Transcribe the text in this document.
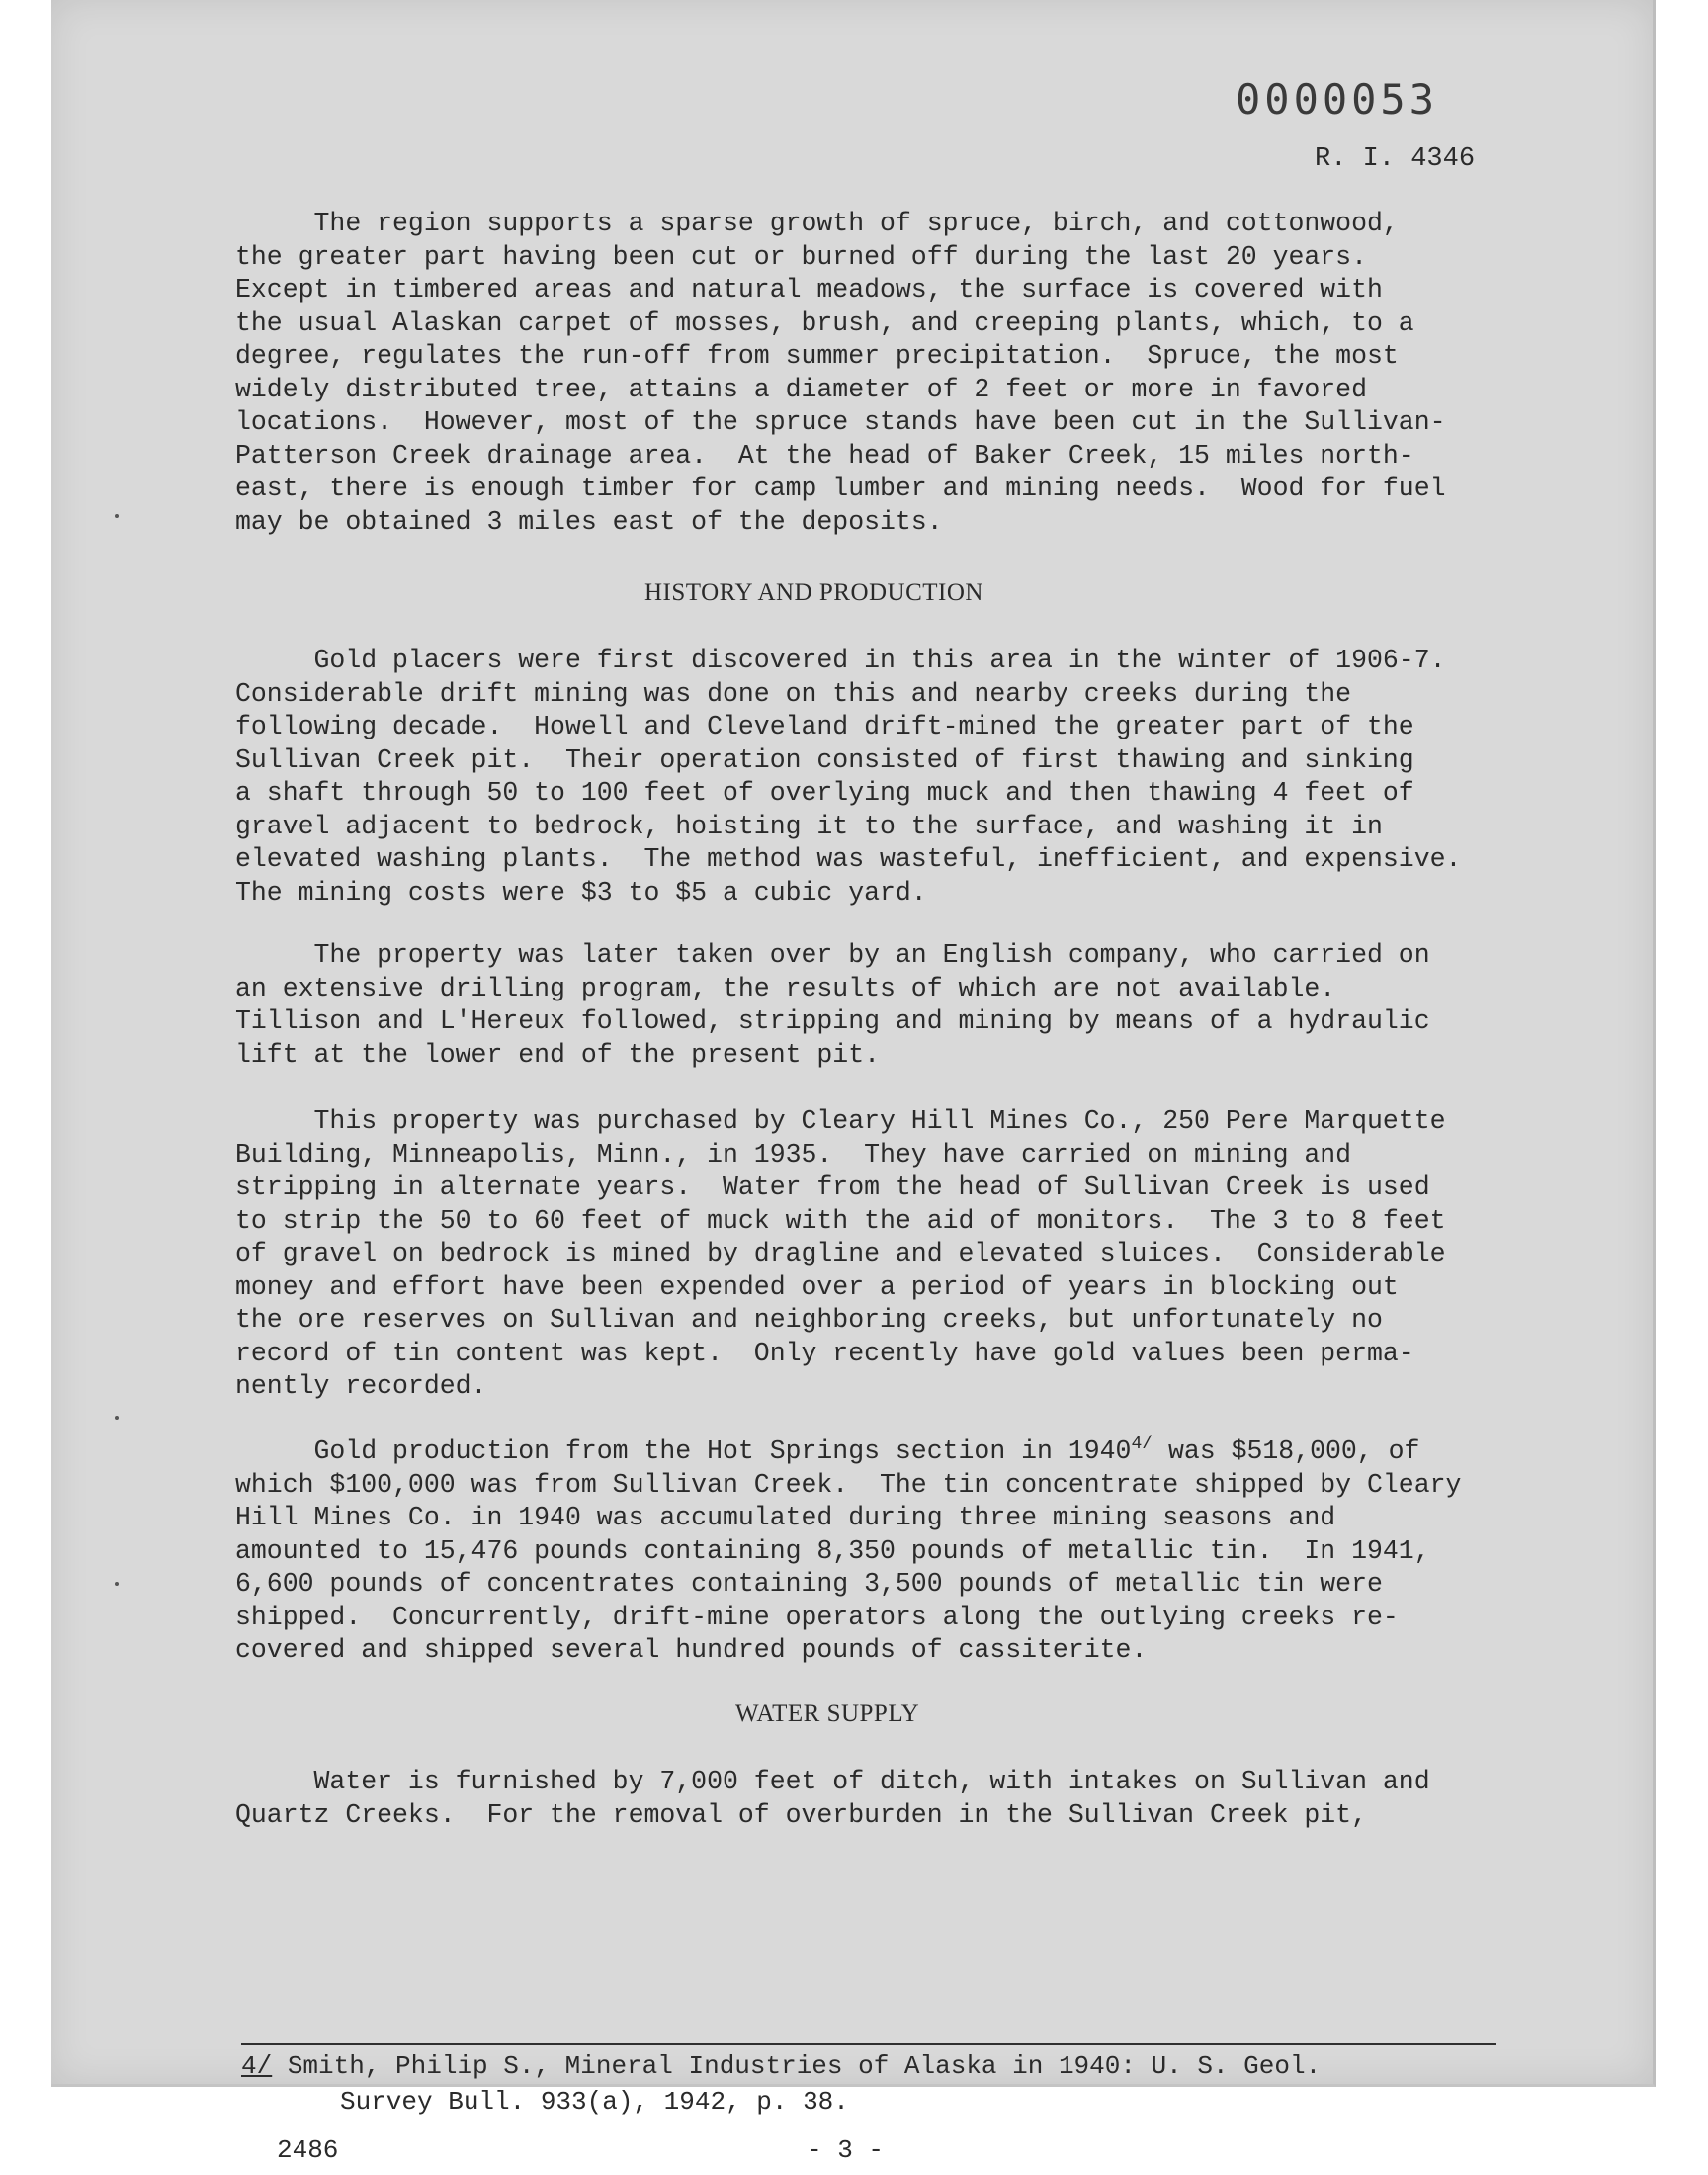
0000053
R. I. 4346
The region supports a sparse growth of spruce, birch, and cottonwood,
the greater part having been cut or burned off during the last 20 years.
Except in timbered areas and natural meadows, the surface is covered with
the usual Alaskan carpet of mosses, brush, and creeping plants, which, to a
degree, regulates the run-off from summer precipitation.  Spruce, the most
widely distributed tree, attains a diameter of 2 feet or more in favored
locations.  However, most of the spruce stands have been cut in the Sullivan-
Patterson Creek drainage area.  At the head of Baker Creek, 15 miles north-
east, there is enough timber for camp lumber and mining needs.  Wood for fuel
may be obtained 3 miles east of the deposits.
HISTORY AND PRODUCTION
Gold placers were first discovered in this area in the winter of 1906-7.
Considerable drift mining was done on this and nearby creeks during the
following decade.  Howell and Cleveland drift-mined the greater part of the
Sullivan Creek pit.  Their operation consisted of first thawing and sinking
a shaft through 50 to 100 feet of overlying muck and then thawing 4 feet of
gravel adjacent to bedrock, hoisting it to the surface, and washing it in
elevated washing plants.  The method was wasteful, inefficient, and expensive.
The mining costs were $3 to $5 a cubic yard.
The property was later taken over by an English company, who carried on
an extensive drilling program, the results of which are not available.
Tillison and L'Hereux followed, stripping and mining by means of a hydraulic
lift at the lower end of the present pit.
This property was purchased by Cleary Hill Mines Co., 250 Pere Marquette
Building, Minneapolis, Minn., in 1935.  They have carried on mining and
stripping in alternate years.  Water from the head of Sullivan Creek is used
to strip the 50 to 60 feet of muck with the aid of monitors.  The 3 to 8 feet
of gravel on bedrock is mined by dragline and elevated sluices.  Considerable
money and effort have been expended over a period of years in blocking out
the ore reserves on Sullivan and neighboring creeks, but unfortunately no
record of tin content was kept.  Only recently have gold values been perma-
nently recorded.
Gold production from the Hot Springs section in $1940^{4/}$ was $518,000, of
which $100,000 was from Sullivan Creek.  The tin concentrate shipped by Cleary
Hill Mines Co. in 1940 was accumulated during three mining seasons and
amounted to 15,476 pounds containing 8,350 pounds of metallic tin.  In 1941,
6,600 pounds of concentrates containing 3,500 pounds of metallic tin were
shipped.  Concurrently, drift-mine operators along the outlying creeks re-
covered and shipped several hundred pounds of cassiterite.
WATER SUPPLY
Water is furnished by 7,000 feet of ditch, with intakes on Sullivan and
Quartz Creeks.  For the removal of overburden in the Sullivan Creek pit,
4/ Smith, Philip S., Mineral Industries of Alaska in 1940: U. S. Geol.
Survey Bull. 933(a), 1942, p. 38.
2486	- 3 -
